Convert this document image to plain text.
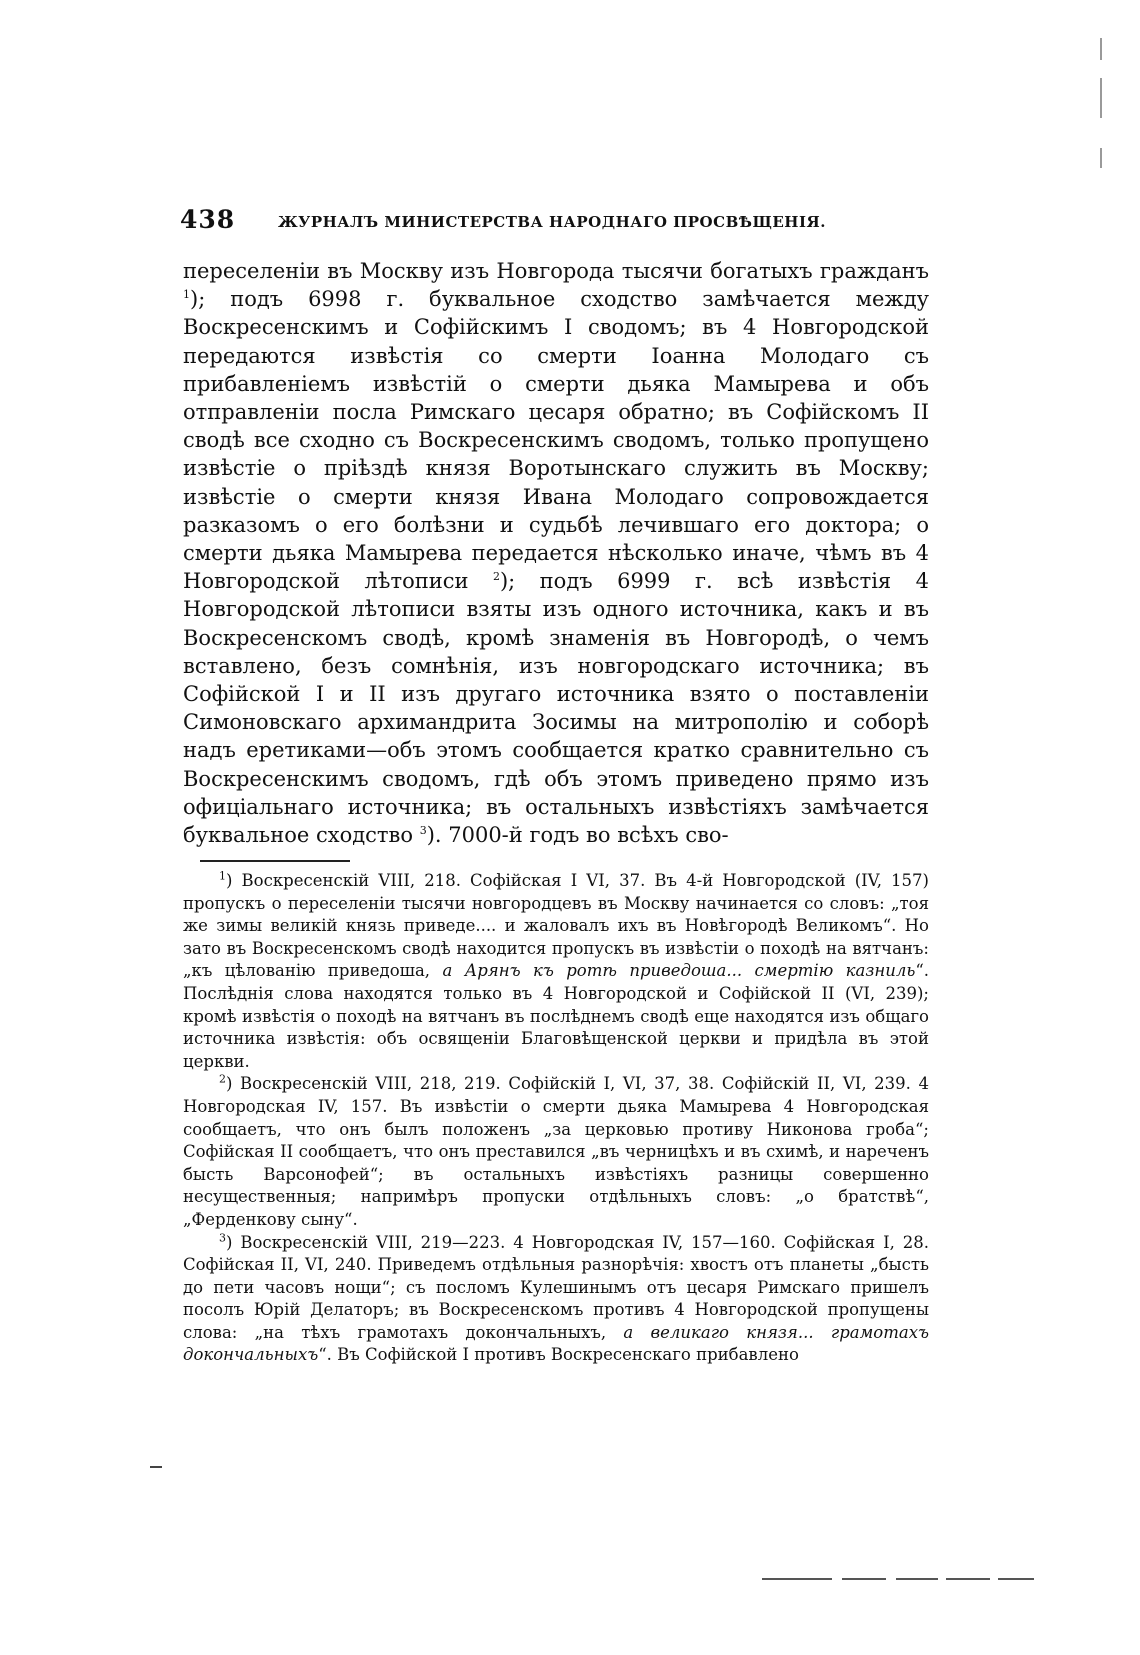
438	ЖУРНАЛЪ МИНИСТЕРСТВА НАРОДНАГО ПРОСВѢЩЕНІЯ.

переселеніи въ Москву изъ Новгорода тысячи богатыхъ гражданъ $^1$); подъ 6998 г. буквальное сходство замѣчается между Воскресенскимъ и Софійскимъ I сводомъ; въ 4 Новгородской передаются извѣстія со смерти Іоанна Молодаго съ прибавленіемъ извѣстій о смерти дьяка Мамырева и объ отправленіи посла Римскаго цесаря обратно; въ Софійскомъ II сводѣ все сходно съ Воскресенскимъ сводомъ, только пропущено извѣстіе о пріѣздѣ князя Воротынскаго служить въ Москву; извѣстіе о смерти князя Ивана Молодаго сопровождается разказомъ о его болѣзни и судьбѣ лечившаго его доктора; о смерти дьяка Мамырева передается нѣсколько иначе, чѣмъ въ 4 Новгородской лѣтописи $^2$); подъ 6999 г. всѣ извѣстія 4 Новгородской лѣтописи взяты изъ одного источника, какъ и въ Воскресенскомъ сводѣ, кромѣ знаменія въ Новгородѣ, о чемъ вставлено, безъ сомнѣнія, изъ новгородскаго источника; въ Софійской I и II изъ другаго источника взято о поставленіи Симоновскаго архимандрита Зосимы на митрополію и соборѣ надъ еретиками—объ этомъ сообщается кратко сравнительно съ Воскресенскимъ сводомъ, гдѣ объ этомъ приведено прямо изъ офиціальнаго источника; въ остальныхъ извѣстіяхъ замѣчается буквальное сходство $^3$). 7000-й годъ во всѣхъ сво-

$^1$) Воскресенскій VIII, 218. Софійская I VI, 37. Въ 4-й Новгородской (IV, 157) пропускъ о переселеніи тысячи новгородцевъ въ Москву начинается со словъ: „тоя же зимы великій князь приведе.... и жаловалъ ихъ въ Новѣгородѣ Великомъ“. Но зато въ Воскресенскомъ сводѣ находится пропускъ въ извѣстіи о походѣ на вятчанъ: „къ цѣлованію приведоша, а Арянъ къ ротѣ приведоша... смертію казниль“. Послѣднія слова находятся только въ 4 Новгородской и Софійской II (VI, 239); кромѣ извѣстія о походѣ на вятчанъ въ послѣднемъ сводѣ еще находятся изъ общаго источника извѣстія: объ освященіи Благовѣщенской церкви и придѣла въ этой церкви.

$^2$) Воскресенскій VIII, 218, 219. Софійскій I, VI, 37, 38. Софійскій II, VI, 239. 4 Новгородская IV, 157. Въ извѣстіи о смерти дьяка Мамырева 4 Новгородская сообщаетъ, что онъ былъ положенъ „за церковью противу Никонова гроба“; Софійская II сообщаетъ, что онъ преставился „въ черницѣхъ и въ схимѣ, и нареченъ бысть Варсонофей“; въ остальныхъ извѣстіяхъ разницы совершенно несущественныя; напримѣръ пропуски отдѣльныхъ словъ: „о братствѣ“, „Ферденкову сыну“.

$^3$) Воскресенскій VIII, 219—223. 4 Новгородская IV, 157—160. Софійская I, 28. Софійская II, VI, 240. Приведемъ отдѣльныя разнорѣчія: хвостъ отъ планеты „бысть до пети часовъ нощи“; съ посломъ Кулешинымъ отъ цесаря Римскаго пришелъ посолъ Юрій Делаторъ; въ Воскресенскомъ противъ 4 Новгородской пропущены слова: „на тѣхъ грамотахъ докончальныхъ, а великаго князя... грамотахъ докончальныхъ“. Въ Софійской I противъ Воскресенскаго прибавлено
